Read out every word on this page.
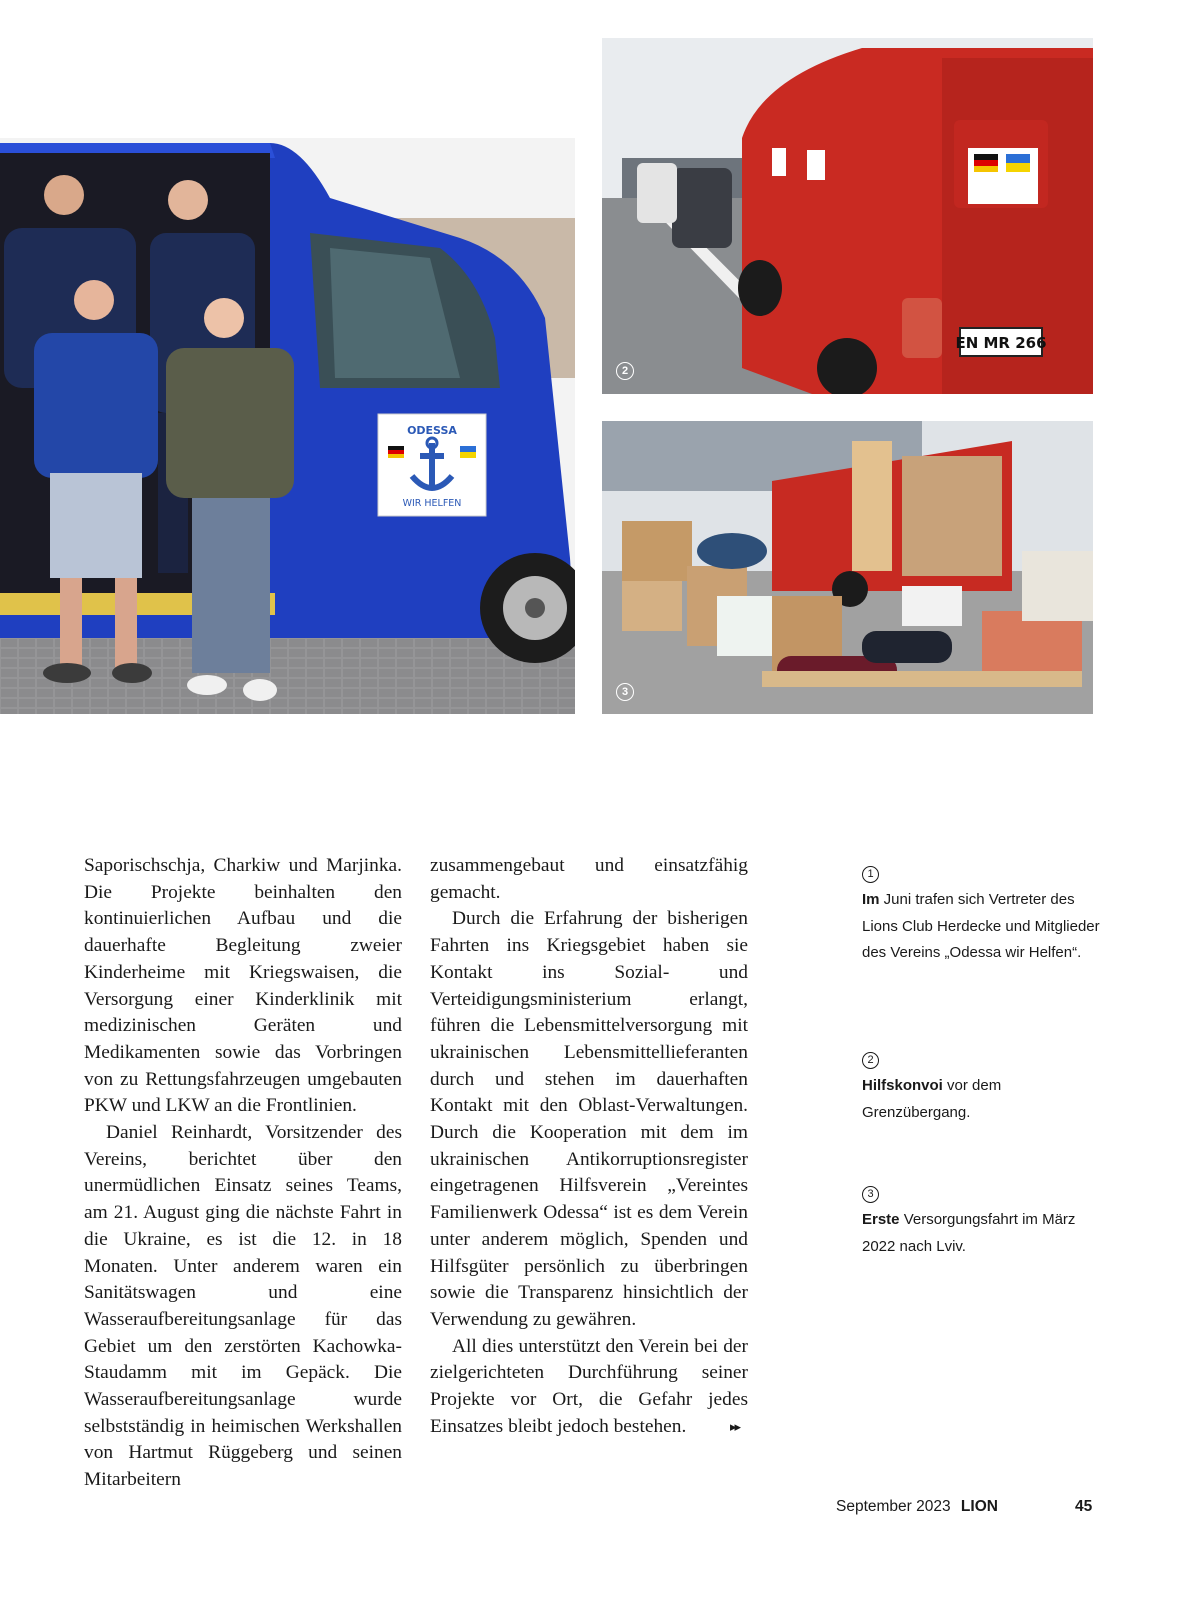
ODESSA
WIR HELFEN
EN MR 266
2
3

Saporischschja, Charkiw und Marjinka. Die Projekte beinhalten den kontinuierlichen Aufbau und die dauerhafte Begleitung zweier Kinderheime mit Kriegswaisen, die Versorgung einer Kinderklinik mit medizinischen Geräten und Medikamenten sowie das Vorbringen von zu Rettungsfahrzeugen umgebauten PKW und LKW an die Frontlinien.

Daniel Reinhardt, Vorsitzender des Vereins, berichtet über den unermüdlichen Einsatz seines Teams, am 21. August ging die nächste Fahrt in die Ukraine, es ist die 12. in 18 Monaten. Unter anderem waren ein Sanitätswagen und eine Wasseraufbereitungsanlage für das Gebiet um den zerstörten Kachowka-Staudamm mit im Gepäck. Die Wasseraufbereitungsanlage wurde selbstständig in heimischen Werkshallen von Hartmut Rüggeberg und seinen Mitarbeitern

zusammengebaut und einsatzfähig gemacht.

Durch die Erfahrung der bisherigen Fahrten ins Kriegsgebiet haben sie Kontakt ins Sozial- und Verteidigungsministerium erlangt, führen die Lebensmittelversorgung mit ukrainischen Lebensmittellieferanten durch und stehen im dauerhaften Kontakt mit den Oblast-Verwaltungen. Durch die Kooperation mit dem im ukrainischen Antikorruptionsregister eingetragenen Hilfsverein „Vereintes Familienwerk Odessa“ ist es dem Verein unter anderem möglich, Spenden und Hilfsgüter persönlich zu überbringen sowie die Transparenz hinsichtlich der Verwendung zu gewähren.

All dies unterstützt den Verein bei der zielgerichteten Durchführung seiner Projekte vor Ort, die Gefahr jedes Einsatzes bleibt jedoch bestehen.	▸▸
1
Im Juni trafen sich Vertreter des Lions Club Herdecke und Mitglieder des Vereins „Odessa wir Helfen“.
2
Hilfskonvoi vor dem Grenzübergang.
3
Erste Versorgungsfahrt im März 2022 nach Lviv.
September 2023 LION	45
